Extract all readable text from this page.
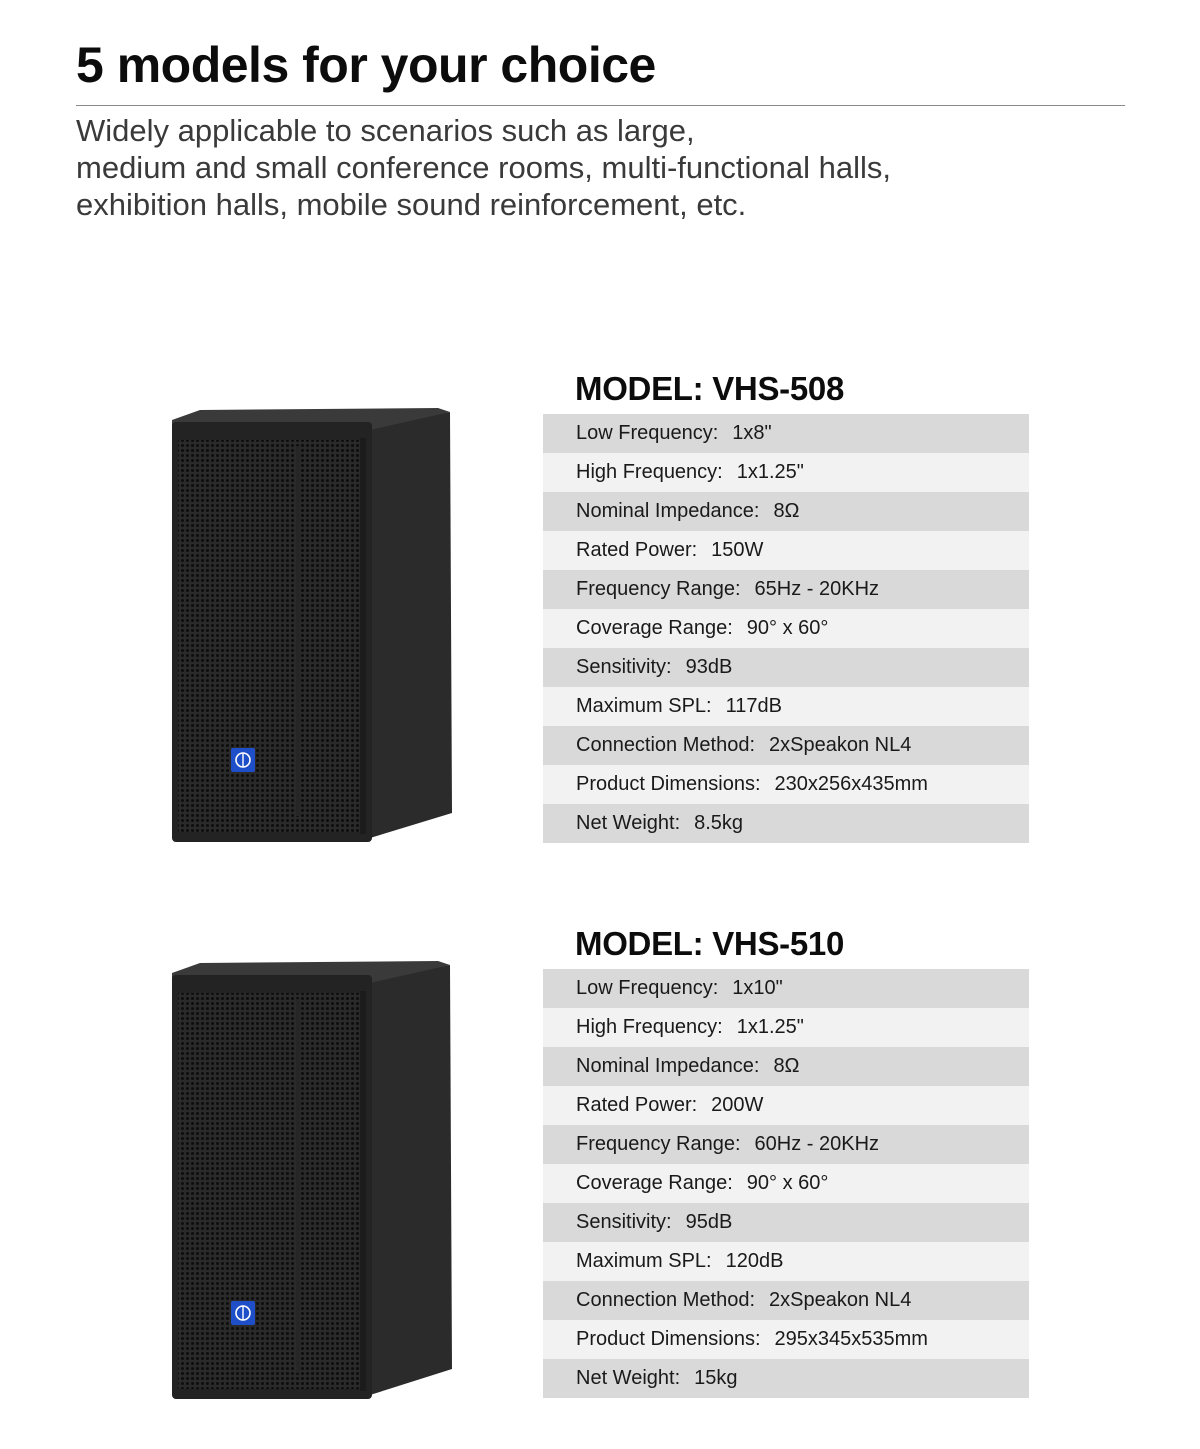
5 models for your choice

Widely applicable to scenarios such as large,
medium and small conference rooms, multi-functional halls,
exhibition halls, mobile sound reinforcement, etc.

MODEL: VHS-508
Low Frequency: 1x8"
High Frequency: 1x1.25"
Nominal Impedance: 8Ω
Rated Power: 150W
Frequency Range: 65Hz - 20KHz
Coverage Range: 90° x 60°
Sensitivity: 93dB
Maximum SPL: 117dB
Connection Method: 2xSpeakon NL4
Product Dimensions: 230x256x435mm
Net Weight: 8.5kg
MODEL: VHS-510
Low Frequency: 1x10"
High Frequency: 1x1.25"
Nominal Impedance: 8Ω
Rated Power: 200W
Frequency Range: 60Hz - 20KHz
Coverage Range: 90° x 60°
Sensitivity: 95dB
Maximum SPL: 120dB
Connection Method: 2xSpeakon NL4
Product Dimensions: 295x345x535mm
Net Weight: 15kg
